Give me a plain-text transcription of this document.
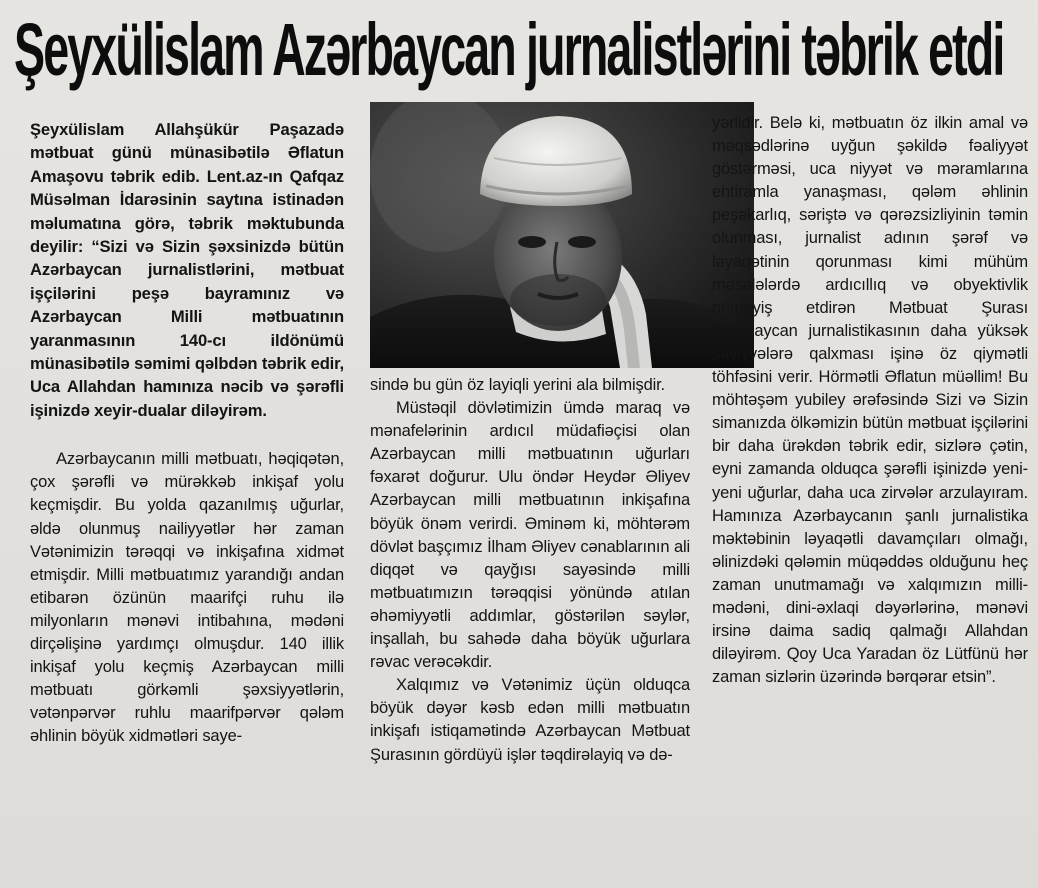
Şeyxülislam Azərbaycan jurnalistlərini təbrik etdi

Şeyxülislam Allahşükür Paşazadə mətbuat günü münasibətilə Əflatun Amaşovu təbrik edib. Lent.az-ın Qafqaz Müsəlman İdarəsinin saytına istinadən məlumatına görə, təbrik məktubunda deyilir: “Sizi və Sizin şəxsinizdə bütün Azərbaycan jurnalistlərini, mətbuat işçilərini peşə bayramınız və Azərbaycan Milli mətbuatının yaranmasının 140-cı ildönümü münasibətilə səmimi qəlbdən təbrik edir, Uca Allahdan hamınıza nəcib və şərəfli işinizdə xeyir-dualar diləyirəm.

Azərbaycanın milli mətbuatı, həqiqətən, çox şərəfli və mürəkkəb inkişaf yolu keçmişdir. Bu yolda qazanılmış uğurlar, əldə olunmuş nailiyyətlər hər zaman Vətənimizin tərəqqi və inkişafına xidmət etmişdir. Milli mətbuatımız yarandığı andan etibarən özünün maarifçi ruhu ilə milyonların mənəvi intibahına, mədəni dirçəlişinə yardımçı olmuşdur. 140 illik inkişaf yolu keçmiş Azərbaycan milli mətbuatı görkəmli şəxsiyyətlərin, vətənpərvər ruhlu maarifpərvər qələm əhlinin böyük xidmətləri saye-

sində bu gün öz layiqli yerini ala bilmişdir.

Müstəqil dövlətimizin ümdə maraq və mənafelərinin ardıcıl müdafiəçisi olan Azərbaycan milli mətbuatının uğurları fəxarət doğurur. Ulu öndər Heydər Əliyev Azərbaycan milli mətbuatının inkişafına böyük önəm verirdi. Əminəm ki, möhtərəm dövlət başçımız İlham Əliyev cənablarının ali diqqət və qayğısı sayəsində milli mətbuatımızın tərəqqisi yönündə atılan əhəmiyyətli addımlar, göstərilən səylər, inşallah, bu sahədə daha böyük uğurlara rəvac verəcəkdir.

Xalqımız və Vətənimiz üçün olduqca böyük dəyər kəsb edən milli mətbuatın inkişafı istiqamətində Azərbaycan Mətbuat Şurasının gördüyü işlər təqdirəlayiq və də-

yərlidir. Belə ki, mətbuatın öz ilkin amal və məqsədlərinə uyğun şəkildə fəaliyyət göstərməsi, uca niyyət və məramlarına ehtiramla yanaşması, qələm əhlinin peşəkarlıq, səriştə və qərəzsizliyinin təmin olunması, jurnalist adının şərəf və ləyaqətinin qorunması kimi mühüm məsələlərdə ardıcıllıq və obyektivlik nümayiş etdirən Mətbuat Şurası Azərbaycan jurnalistikasının daha yüksək səviyyələrə qalxması işinə öz qiymətli töhfəsini verir. Hörmətli Əflatun müəllim! Bu möhtəşəm yubiley ərəfəsində Sizi və Sizin simanızda ölkəmizin bütün mətbuat işçilərini bir daha ürəkdən təbrik edir, sizlərə çətin, eyni zamanda olduqca şərəfli işinizdə yeni-yeni uğurlar, daha uca zirvələr arzulayıram. Hamınıza Azərbaycanın şanlı jurnalistika məktəbinin ləyaqətli davamçıları olmağı, əlinizdəki qələmin müqəddəs olduğunu heç zaman unutmamağı və xalqımızın milli-mədəni, dini-əxlaqi dəyərlərinə, mənəvi irsinə daima sadiq qalmağı Allahdan diləyirəm. Qoy Uca Yaradan öz Lütfünü hər zaman sizlərin üzərində bərqərar etsin”.
